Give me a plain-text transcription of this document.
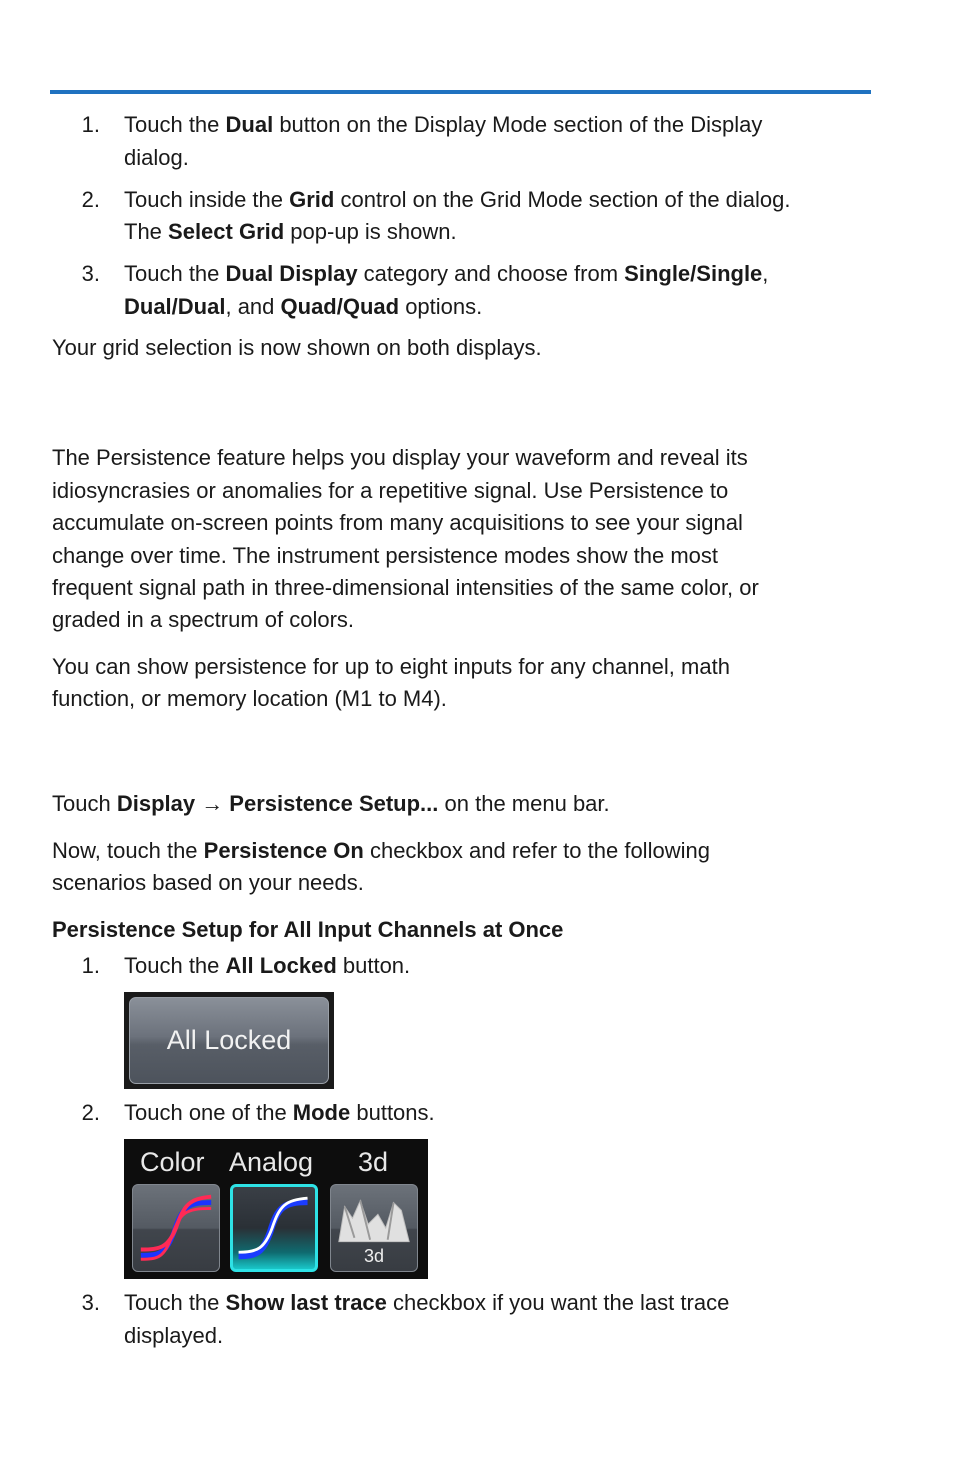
1. Touch the Dual button on the Display Mode section of the Display
dialog.
2. Touch inside the Grid control on the Grid Mode section of the dialog.
The Select Grid pop-up is shown.
3. Touch the Dual Display category and choose from Single/Single,
Dual/Dual, and Quad/Quad options.
Your grid selection is now shown on both displays.
The Persistence feature helps you display your waveform and reveal its
idiosyncrasies or anomalies for a repetitive signal. Use Persistence to
accumulate on-screen points from many acquisitions to see your signal
change over time. The instrument persistence modes show the most
frequent signal path in three-dimensional intensities of the same color, or
graded in a spectrum of colors.
You can show persistence for up to eight inputs for any channel, math
function, or memory location (M1 to M4).
Touch Display → Persistence Setup... on the menu bar.
Now, touch the Persistence On checkbox and refer to the following
scenarios based on your needs.
Persistence Setup for All Input Channels at Once
1. Touch the All Locked button.
All Locked
2. Touch one of the Mode buttons.
Color Analog 3d
3d
3. Touch the Show last trace checkbox if you want the last trace
displayed.
